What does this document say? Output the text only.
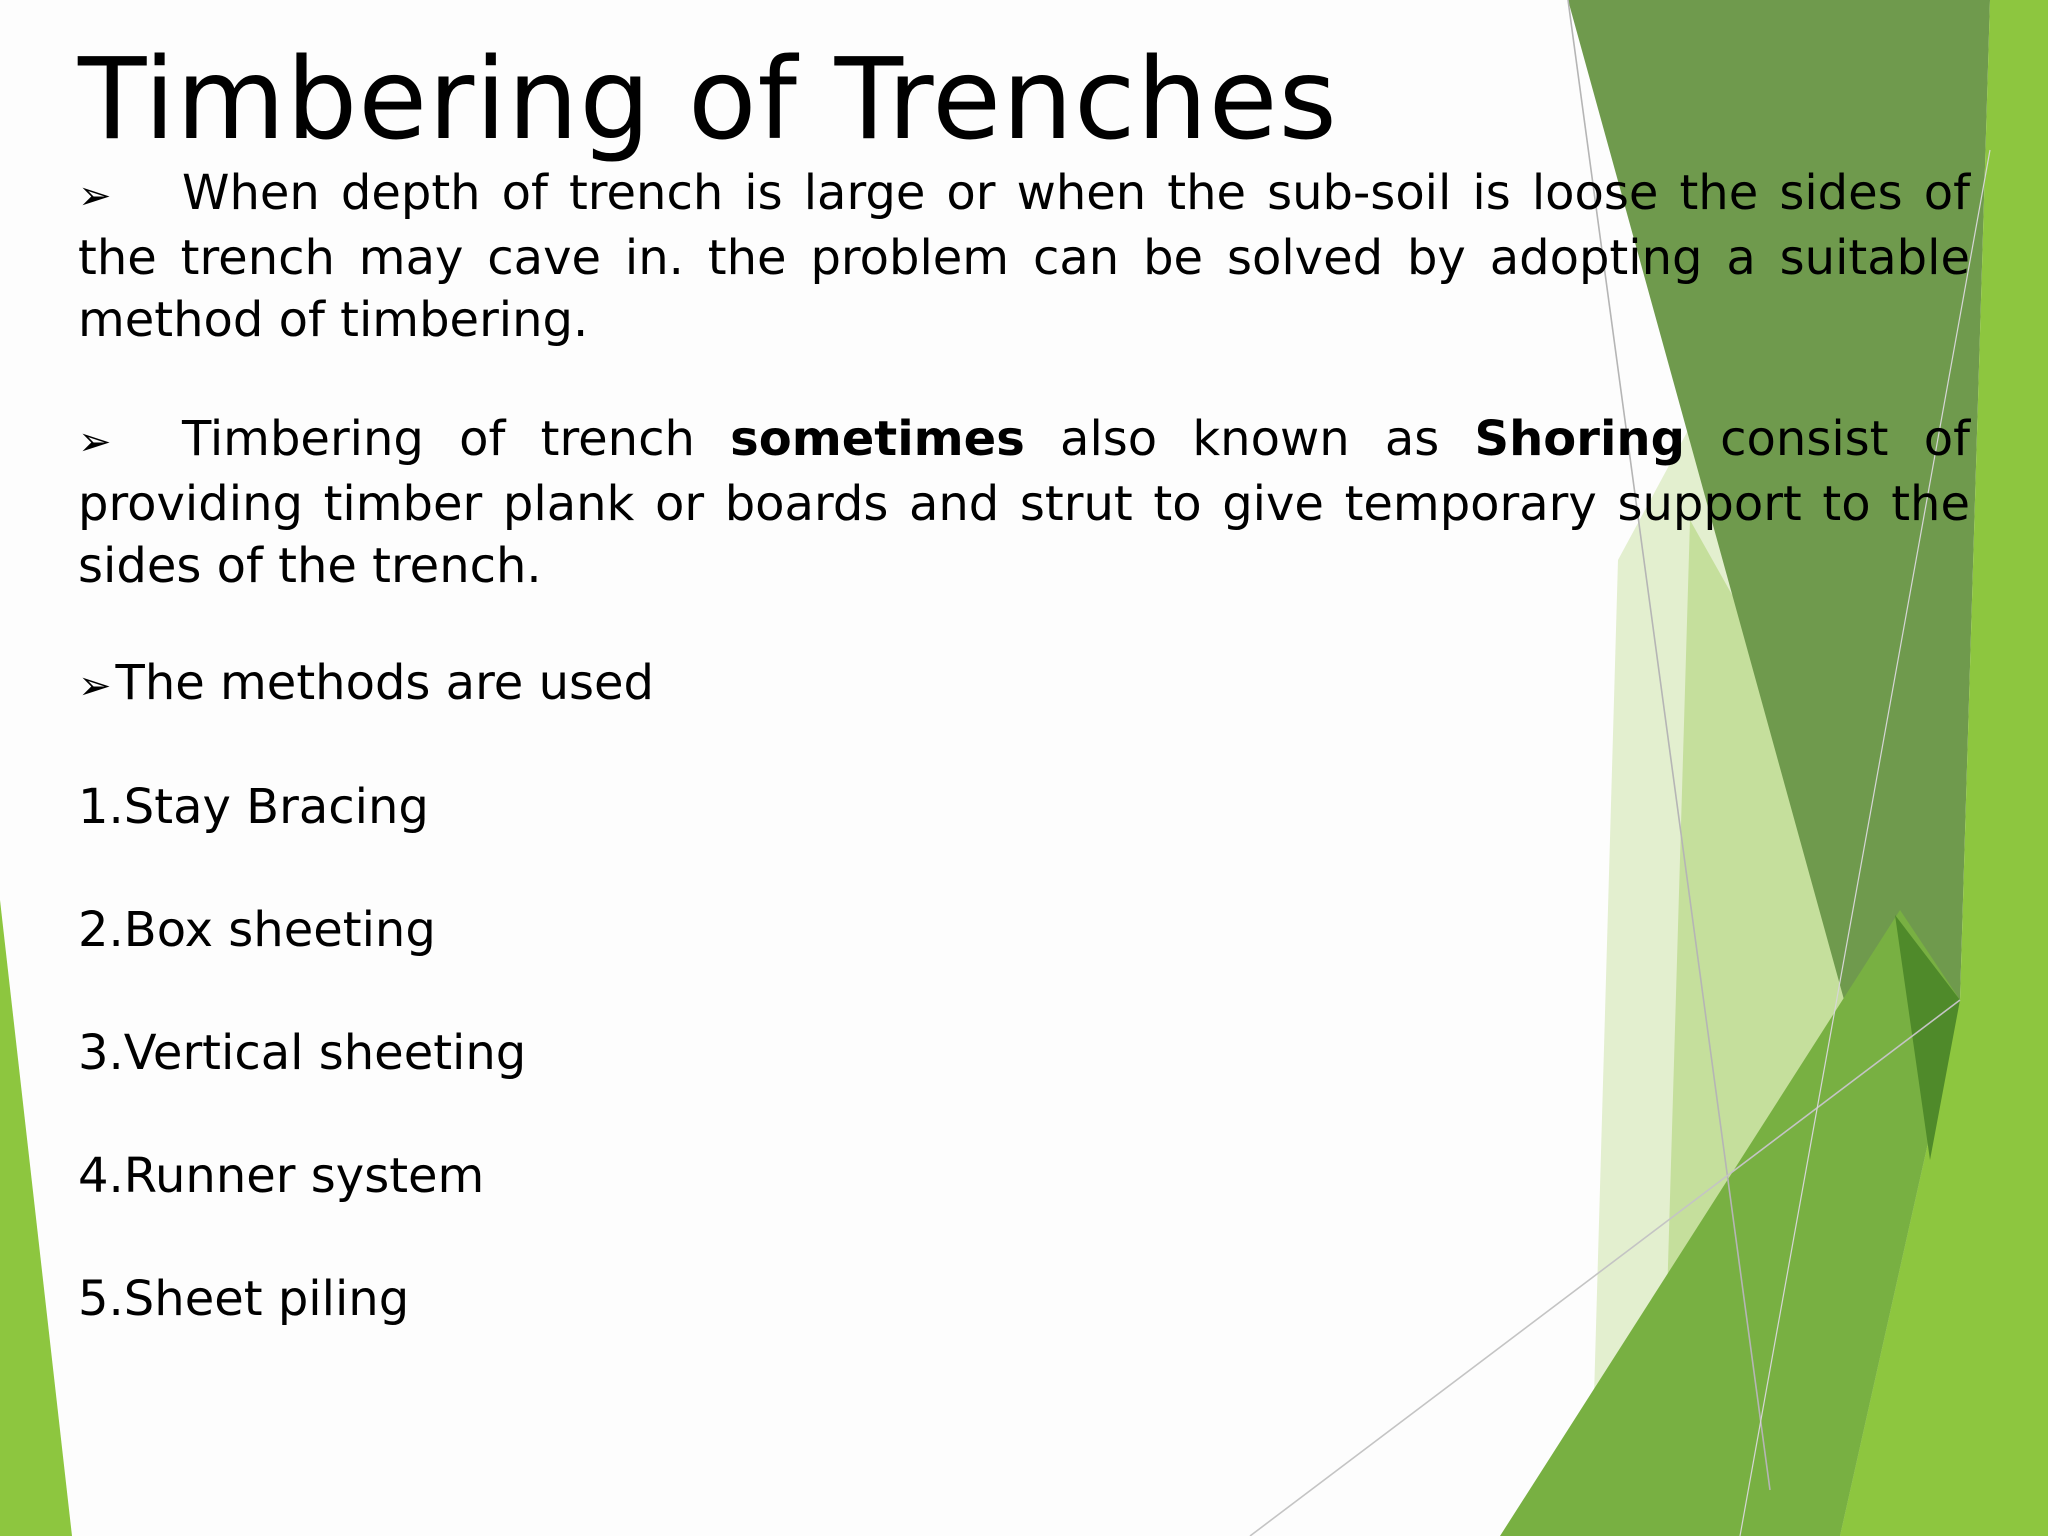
Timbering of Trenches

➢ When depth of trench is large or when the sub-soil is loose the sides of the trench may cave in. the problem can be solved by adopting a suitable method of timbering.

➢ Timbering of trench sometimes also known as Shoring consist of providing timber plank or boards and strut to give temporary support to the sides of the trench.

➢The methods are used

1.Stay Bracing

2.Box sheeting

3.Vertical sheeting

4.Runner system

5.Sheet piling
